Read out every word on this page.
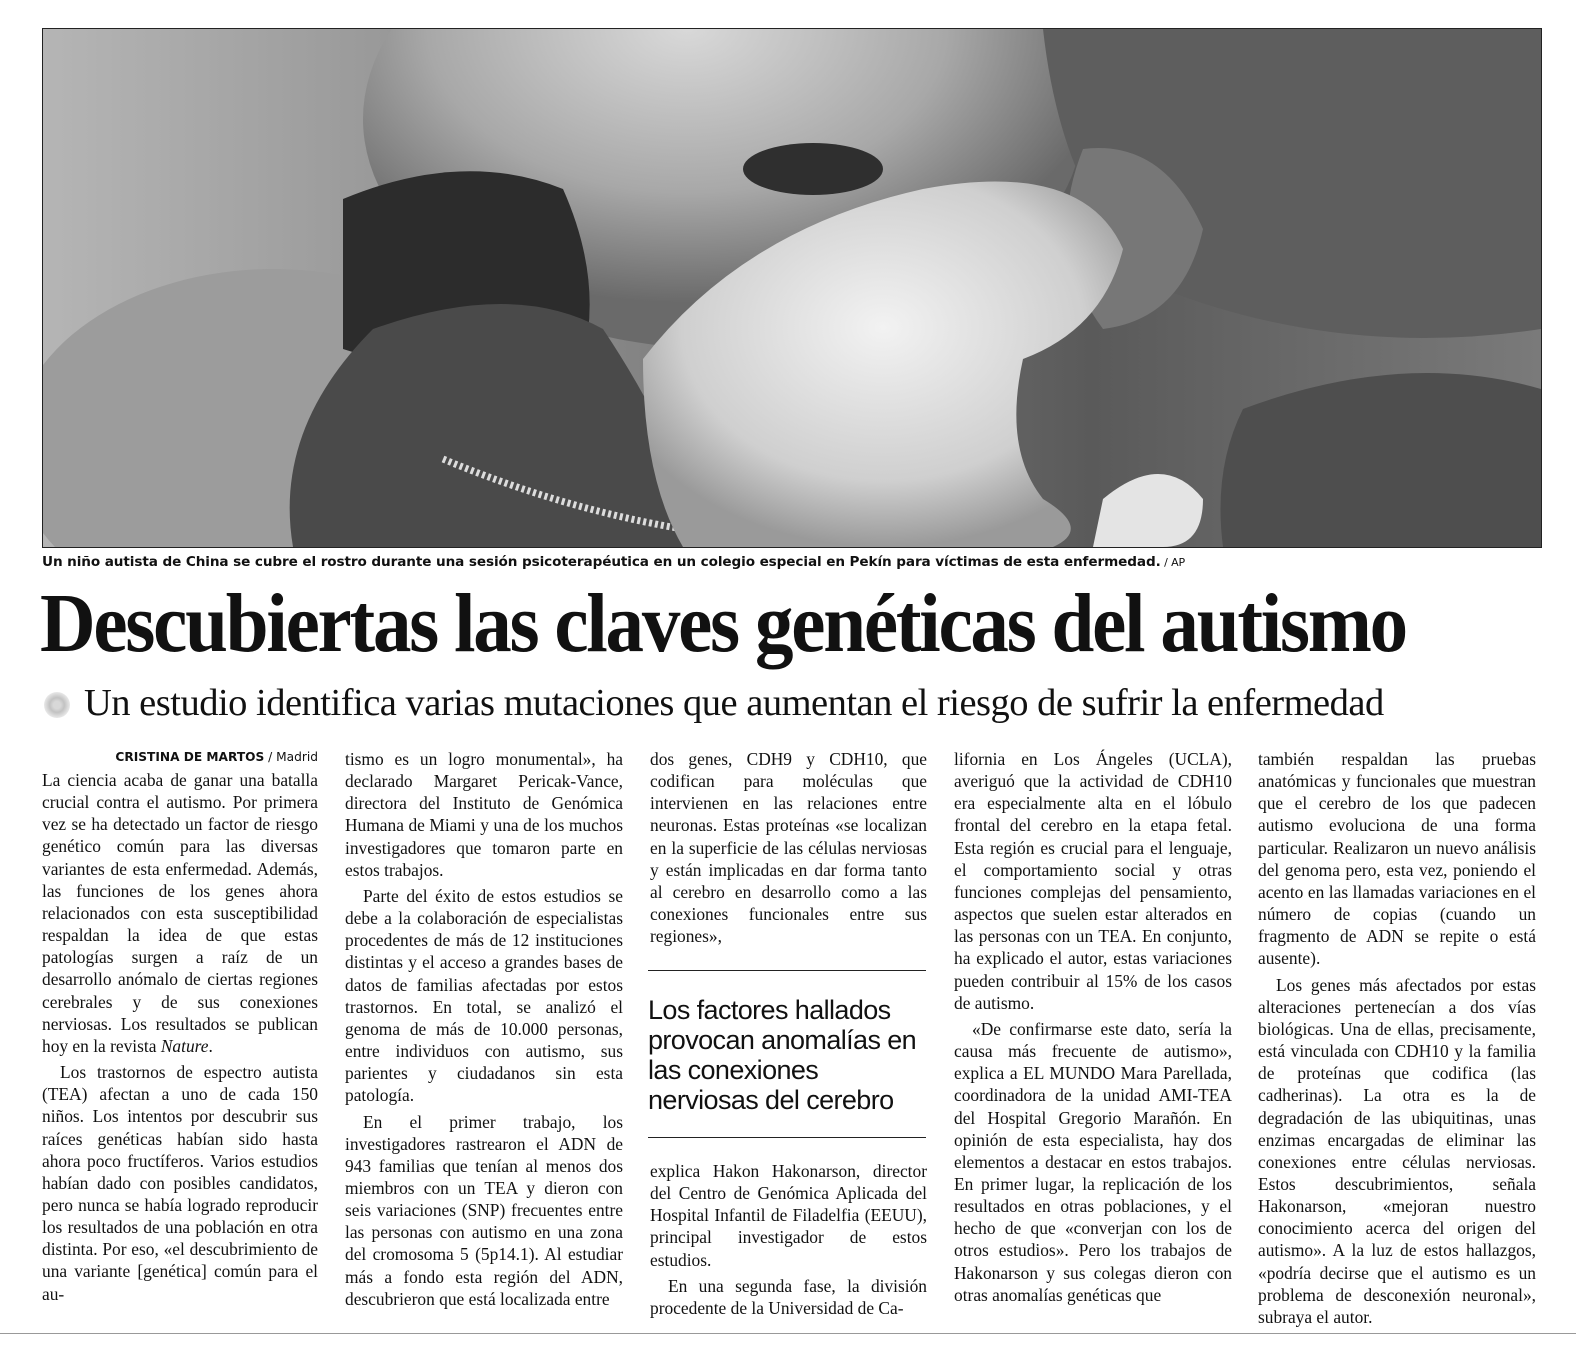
Un niño autista de China se cubre el rostro durante una sesión psicoterapéutica en un colegio especial en Pekín para víctimas de esta enfermedad. / AP
Descubiertas las claves genéticas del autismo
Un estudio identifica varias mutaciones que aumentan el riesgo de sufrir la enfermedad
CRISTINA DE MARTOS / Madrid

La ciencia acaba de ganar una batalla crucial contra el autismo. Por primera vez se ha detectado un factor de riesgo genético común para las diversas variantes de esta enfermedad. Además, las funciones de los genes ahora relacionados con esta susceptibilidad respaldan la idea de que estas patologías surgen a raíz de un desarrollo anómalo de ciertas regiones cerebrales y de sus conexiones nerviosas. Los resultados se publican hoy en la revista Nature.

Los trastornos de espectro autista (TEA) afectan a uno de cada 150 niños. Los intentos por descubrir sus raíces genéticas habían sido hasta ahora poco fructíferos. Varios estudios habían dado con posibles candidatos, pero nunca se había logrado reproducir los resultados de una población en otra distinta. Por eso, «el descubrimiento de una variante [genética] común para el au-

tismo es un logro monumental», ha declarado Margaret Pericak-Vance, directora del Instituto de Genómica Humana de Miami y una de los muchos investigadores que tomaron parte en estos trabajos.

Parte del éxito de estos estudios se debe a la colaboración de especialistas procedentes de más de 12 instituciones distintas y el acceso a grandes bases de datos de familias afectadas por estos trastornos. En total, se analizó el genoma de más de 10.000 personas, entre individuos con autismo, sus parientes y ciudadanos sin esta patología.

En el primer trabajo, los investigadores rastrearon el ADN de 943 familias que tenían al menos dos miembros con un TEA y dieron con seis variaciones (SNP) frecuentes entre las personas con autismo en una zona del cromosoma 5 (5p14.1). Al estudiar más a fondo esta región del ADN, descubrieron que está localizada entre

dos genes, CDH9 y CDH10, que codifican para moléculas que intervienen en las relaciones entre neuronas. Estas proteínas «se localizan en la superficie de las células nerviosas y están implicadas en dar forma tanto al cerebro en desarrollo como a las conexiones funcionales entre sus regiones»,

Los factores hallados provocan anomalías en las conexiones nerviosas del cerebro

explica Hakon Hakonarson, director del Centro de Genómica Aplicada del Hospital Infantil de Filadelfia (EEUU), principal investigador de estos estudios.

En una segunda fase, la división procedente de la Universidad de Ca-

lifornia en Los Ángeles (UCLA), averiguó que la actividad de CDH10 era especialmente alta en el lóbulo frontal del cerebro en la etapa fetal. Esta región es crucial para el lenguaje, el comportamiento social y otras funciones complejas del pensamiento, aspectos que suelen estar alterados en las personas con un TEA. En conjunto, ha explicado el autor, estas variaciones pueden contribuir al 15% de los casos de autismo.

«De confirmarse este dato, sería la causa más frecuente de autismo», explica a EL MUNDO Mara Parellada, coordinadora de la unidad AMI-TEA del Hospital Gregorio Marañón. En opinión de esta especialista, hay dos elementos a destacar en estos trabajos. En primer lugar, la replicación de los resultados en otras poblaciones, y el hecho de que «converjan con los de otros estudios». Pero los trabajos de Hakonarson y sus colegas dieron con otras anomalías genéticas que

también respaldan las pruebas anatómicas y funcionales que muestran que el cerebro de los que padecen autismo evoluciona de una forma particular. Realizaron un nuevo análisis del genoma pero, esta vez, poniendo el acento en las llamadas variaciones en el número de copias (cuando un fragmento de ADN se repite o está ausente).

Los genes más afectados por estas alteraciones pertenecían a dos vías biológicas. Una de ellas, precisamente, está vinculada con CDH10 y la familia de proteínas que codifica (las cadherinas). La otra es la de degradación de las ubiquitinas, unas enzimas encargadas de eliminar las conexiones entre células nerviosas. Estos descubrimientos, señala Hakonarson, «mejoran nuestro conocimiento acerca del origen del autismo». A la luz de estos hallazgos, «podría decirse que el autismo es un problema de desconexión neuronal», subraya el autor.
